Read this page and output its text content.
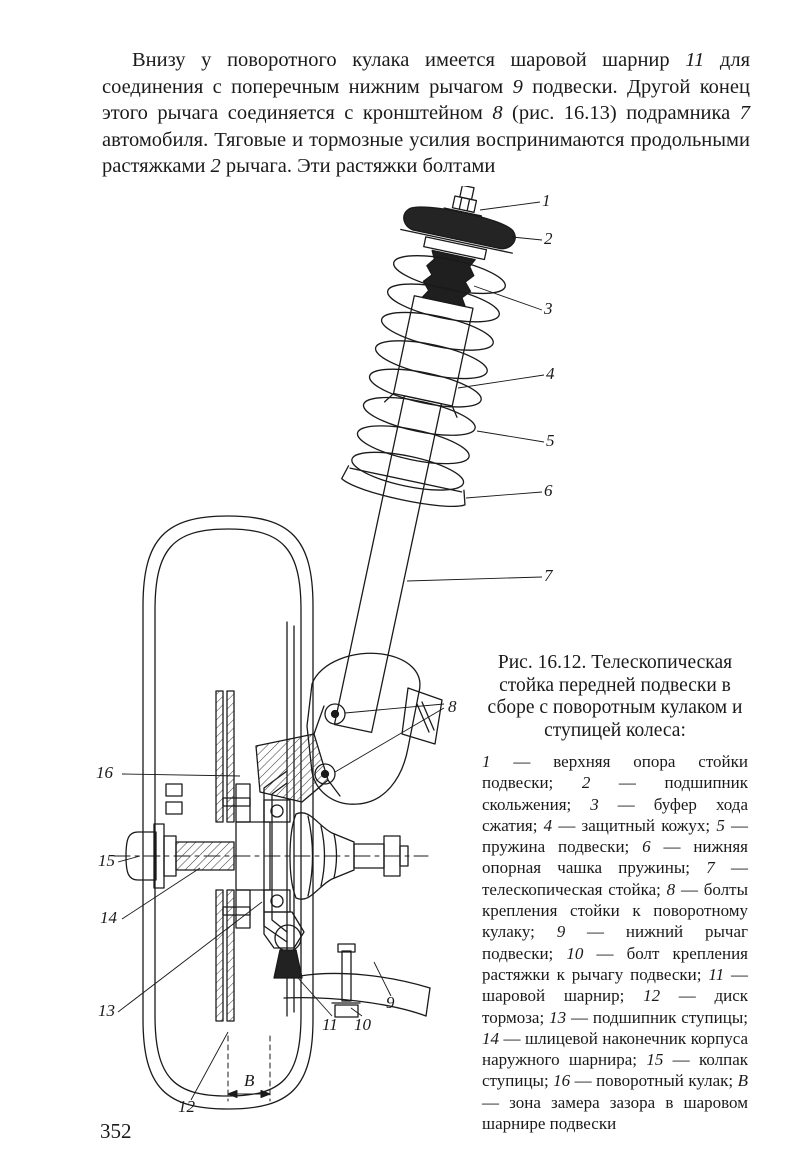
Внизу у поворотного кулака имеется шаровой шарнир 11 для соединения с поперечным нижним рычагом 9 подвески. Другой конец этого рычага соединяется с кронштейном 8 (рис. 16.13) подрамника 7 автомобиля. Тяговые и тормозные усилия воспринимаются продольными растяжками 2 рычага. Эти растяжки болтами

1
2
3
4
5
6
7
8
9
10
11
12
13
14
15
16
В

Рис. 16.12. Телескопическая стойка передней подвески в сборе с поворотным кулаком и ступицей колеса:

1 — верхняя опора стойки подвески; 2 — подшипник скольжения; 3 — буфер хода сжатия; 4 — защитный кожух; 5 — пружина подвески; 6 — нижняя опорная чашка пружины; 7 — телескопическая стойка; 8 — болты крепления стойки к поворотному кулаку; 9 — нижний рычаг подвески; 10 — болт крепления растяжки к рычагу подвески; 11 — шаровой шарнир; 12 — диск тормоза; 13 — подшипник ступицы; 14 — шлицевой наконечник корпуса наружного шарнира; 15 — колпак ступицы; 16 — поворотный кулак; В — зона замера зазора в шаровом шарнире подвески

352
